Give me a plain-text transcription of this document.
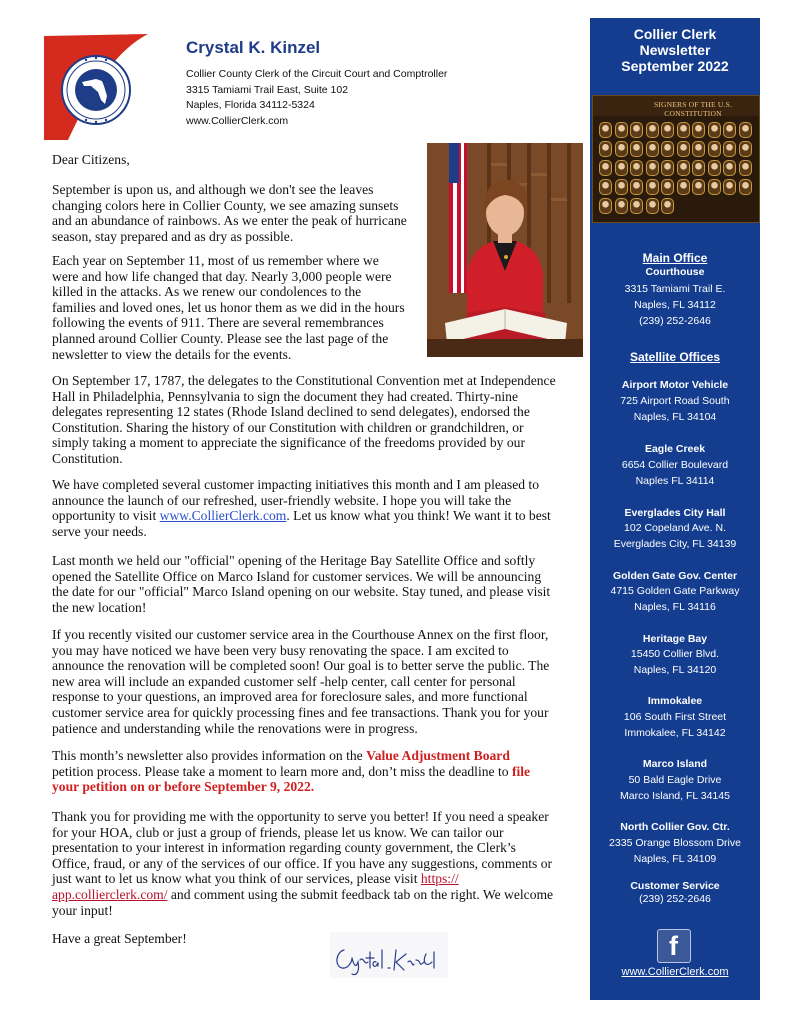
Crystal K. Kinzel
Collier County Clerk of the Circuit Court and Comptroller
3315 Tamiami Trail East, Suite 102
Naples, Florida 34112-5324
www.CollierClerk.com
Dear Citizens,
September is upon us, and although we don't see the leaves
changing colors here in Collier County, we see amazing sunsets
and an abundance of rainbows. As we enter the peak of hurricane
season, stay prepared and as dry as possible.
Each year on September 11, most of us remember where we
were and how life changed that day. Nearly 3,000 people were
killed in the attacks. As we renew our condolences to the
families and loved ones, let us honor them as we did in the hours
following the events of 911. There are several remembrances
planned around Collier County. Please see the last page of the
newsletter to view the details for the events.
On September 17, 1787, the delegates to the Constitutional Convention met at Independence
Hall in Philadelphia, Pennsylvania to sign the document they had created. Thirty-nine
delegates representing 12 states (Rhode Island declined to send delegates), endorsed the
Constitution. Sharing the history of our Constitution with children or grandchildren, or
simply taking a moment to appreciate the significance of the freedoms provided by our
Constitution.
We have completed several customer impacting initiatives this month and I am pleased to
announce the launch of our refreshed, user-friendly website. I hope you will take the
opportunity to visit www.CollierClerk.com. Let us know what you think! We want it to best
serve your needs.
Last month we held our "official" opening of the Heritage Bay Satellite Office and softly
opened the Satellite Office on Marco Island for customer services. We will be announcing
the date for our "official" Marco Island opening on our website. Stay tuned, and please visit
the new location!
If you recently visited our customer service area in the Courthouse Annex on the first floor,
you may have noticed we have been very busy renovating the space. I am excited to
announce the renovation will be completed soon! Our goal is to better serve the public. The
new area will include an expanded customer self -help center, call center for personal
response to your questions, an improved area for foreclosure sales, and more functional
customer service area for quickly processing fines and fee transactions. Thank you for your
patience and understanding while the renovations were in progress.
This month’s newsletter also provides information on the Value Adjustment Board
petition process. Please take a moment to learn more and, don’t miss the deadline to file
your petition on or before September 9, 2022.
Thank you for providing me with the opportunity to serve you better! If you need a speaker
for your HOA, club or just a group of friends, please let us know. We can tailor our
presentation to your interest in information regarding county government, the Clerk’s
Office, fraud, or any of the services of our office. If you have any suggestions, comments or
just want to let us know what you think of our services, please visit https://
app.collierclerk.com/ and comment using the submit feedback tab on the right. We welcome
your input!
Have a great September!
Collier Clerk
Newsletter
September 2022
SIGNERS OF THE U.S. CONSTITUTION
Main Office
Courthouse
3315 Tamiami Trail E.
Naples, FL 34112
(239) 252-2646
Satellite Offices
Airport Motor Vehicle
725 Airport Road South
Naples, FL 34104
Eagle Creek
6654 Collier Boulevard
Naples FL 34114
Everglades City Hall
102 Copeland Ave. N.
Everglades City, FL 34139
Golden Gate Gov. Center
4715 Golden Gate Parkway
Naples, FL 34116
Heritage Bay
15450 Collier Blvd.
Naples, FL 34120
Immokalee
106 South First Street
Immokalee, FL 34142
Marco Island
50 Bald Eagle Drive
Marco Island, FL 34145
North Collier Gov. Ctr.
2335 Orange Blossom Drive
Naples, FL 34109
Customer Service
(239) 252-2646
f
www.CollierClerk.com
